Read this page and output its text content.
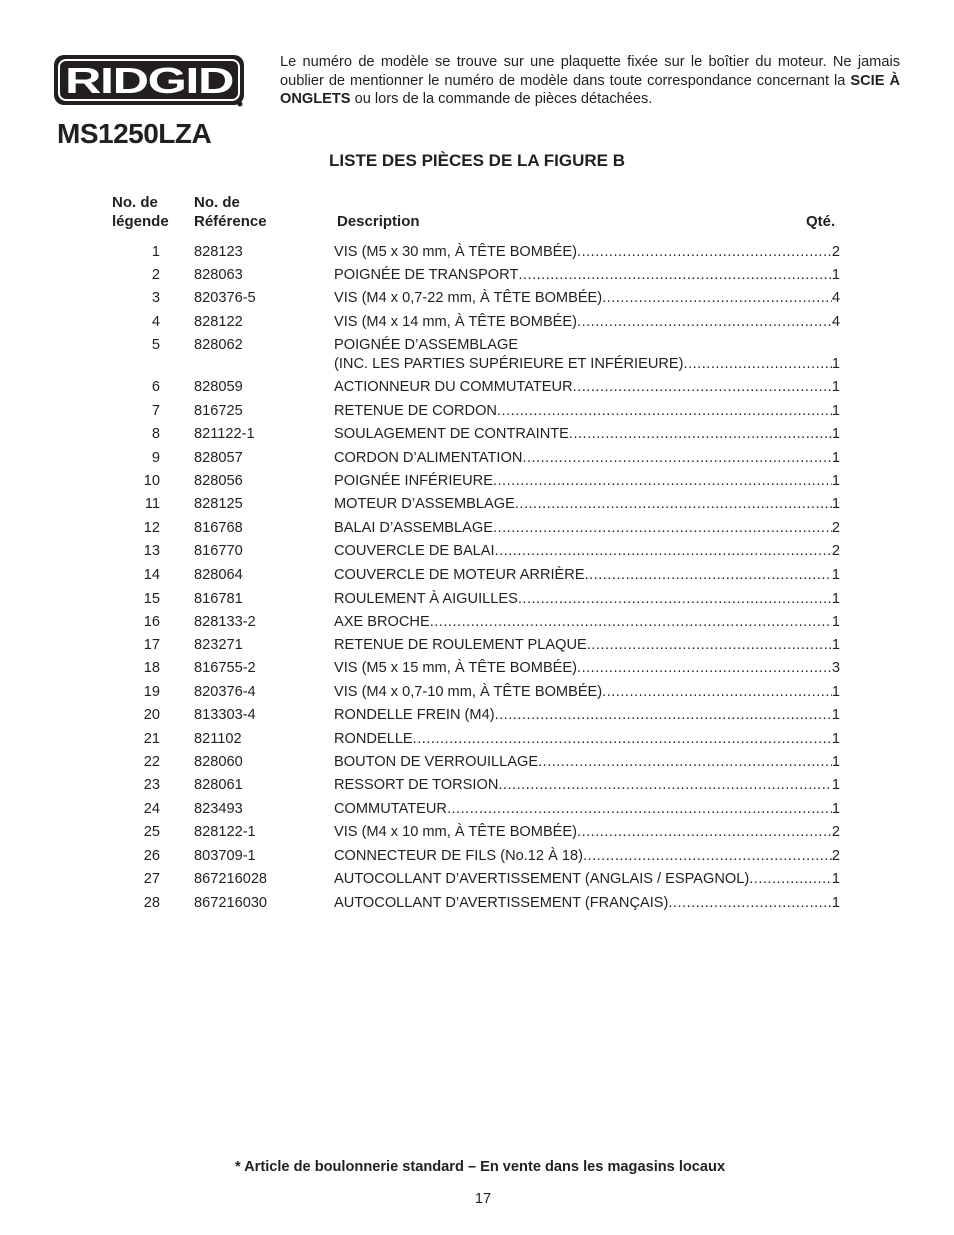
RIDGID
MS1250LZA
Le numéro de modèle se trouve sur une plaquette fixée sur le boîtier du moteur. Ne jamais oublier de mentionner le numéro de modèle dans toute correspondance concernant la SCIE À ONGLETS ou lors de la commande de pièces détachées.
LISTE DES PIÈCES DE LA FIGURE B
No. de
légende
No. de
Référence	Description	Qté.
1 828123	VIS (M5 x 30 mm, À TÊTE BOMBÉE) .....	2
2 828063	POIGNÉE DE TRANSPORT .....	1
3 820376-5	VIS (M4 x 0,7-22 mm, À TÊTE BOMBÉE) .....	4
4 828122	VIS (M4 x 14 mm, À TÊTE BOMBÉE) .....	4
5 828062	POIGNÉE D’ASSEMBLAGE
(INC. LES PARTIES SUPÉRIEURE ET INFÉRIEURE) .....	1
6 828059	ACTIONNEUR DU COMMUTATEUR .....	1
7 816725	RETENUE DE CORDON .....	1
8 821122-1	SOULAGEMENT DE CONTRAINTE .....	1
9 828057	CORDON D’ALIMENTATION .....	1
10 828056	POIGNÉE INFÉRIEURE .....	1
11 828125	MOTEUR D’ASSEMBLAGE .....	1
12 816768	BALAI D’ASSEMBLAGE .....	2
13 816770	COUVERCLE DE BALAI .....	2
14 828064	COUVERCLE DE MOTEUR ARRIÈRE .....	1
15 816781	ROULEMENT À AIGUILLES .....	1
16 828133-2	AXE BROCHE .....	1
17 823271	RETENUE DE ROULEMENT PLAQUE .....	1
18 816755-2	VIS (M5 x 15 mm, À TÊTE BOMBÉE) .....	3
19 820376-4	VIS (M4 x 0,7-10 mm, À TÊTE BOMBÉE) .....	1
20 813303-4	RONDELLE FREIN (M4) .....	1
21 821102	RONDELLE .....	1
22 828060	BOUTON DE VERROUILLAGE .....	1
23 828061	RESSORT DE TORSION .....	1
24 823493	COMMUTATEUR .....	1
25 828122-1	VIS (M4 x 10 mm, À TÊTE BOMBÉE) .....	2
26 803709-1	CONNECTEUR DE FILS (No.12 À 18) .....	2
27 867216028	AUTOCOLLANT D’AVERTISSEMENT (ANGLAIS / ESPAGNOL) .....	1
28 867216030	AUTOCOLLANT D’AVERTISSEMENT (FRANÇAIS) .....	1
* Article de boulonnerie standard – En vente dans les magasins locaux
17
